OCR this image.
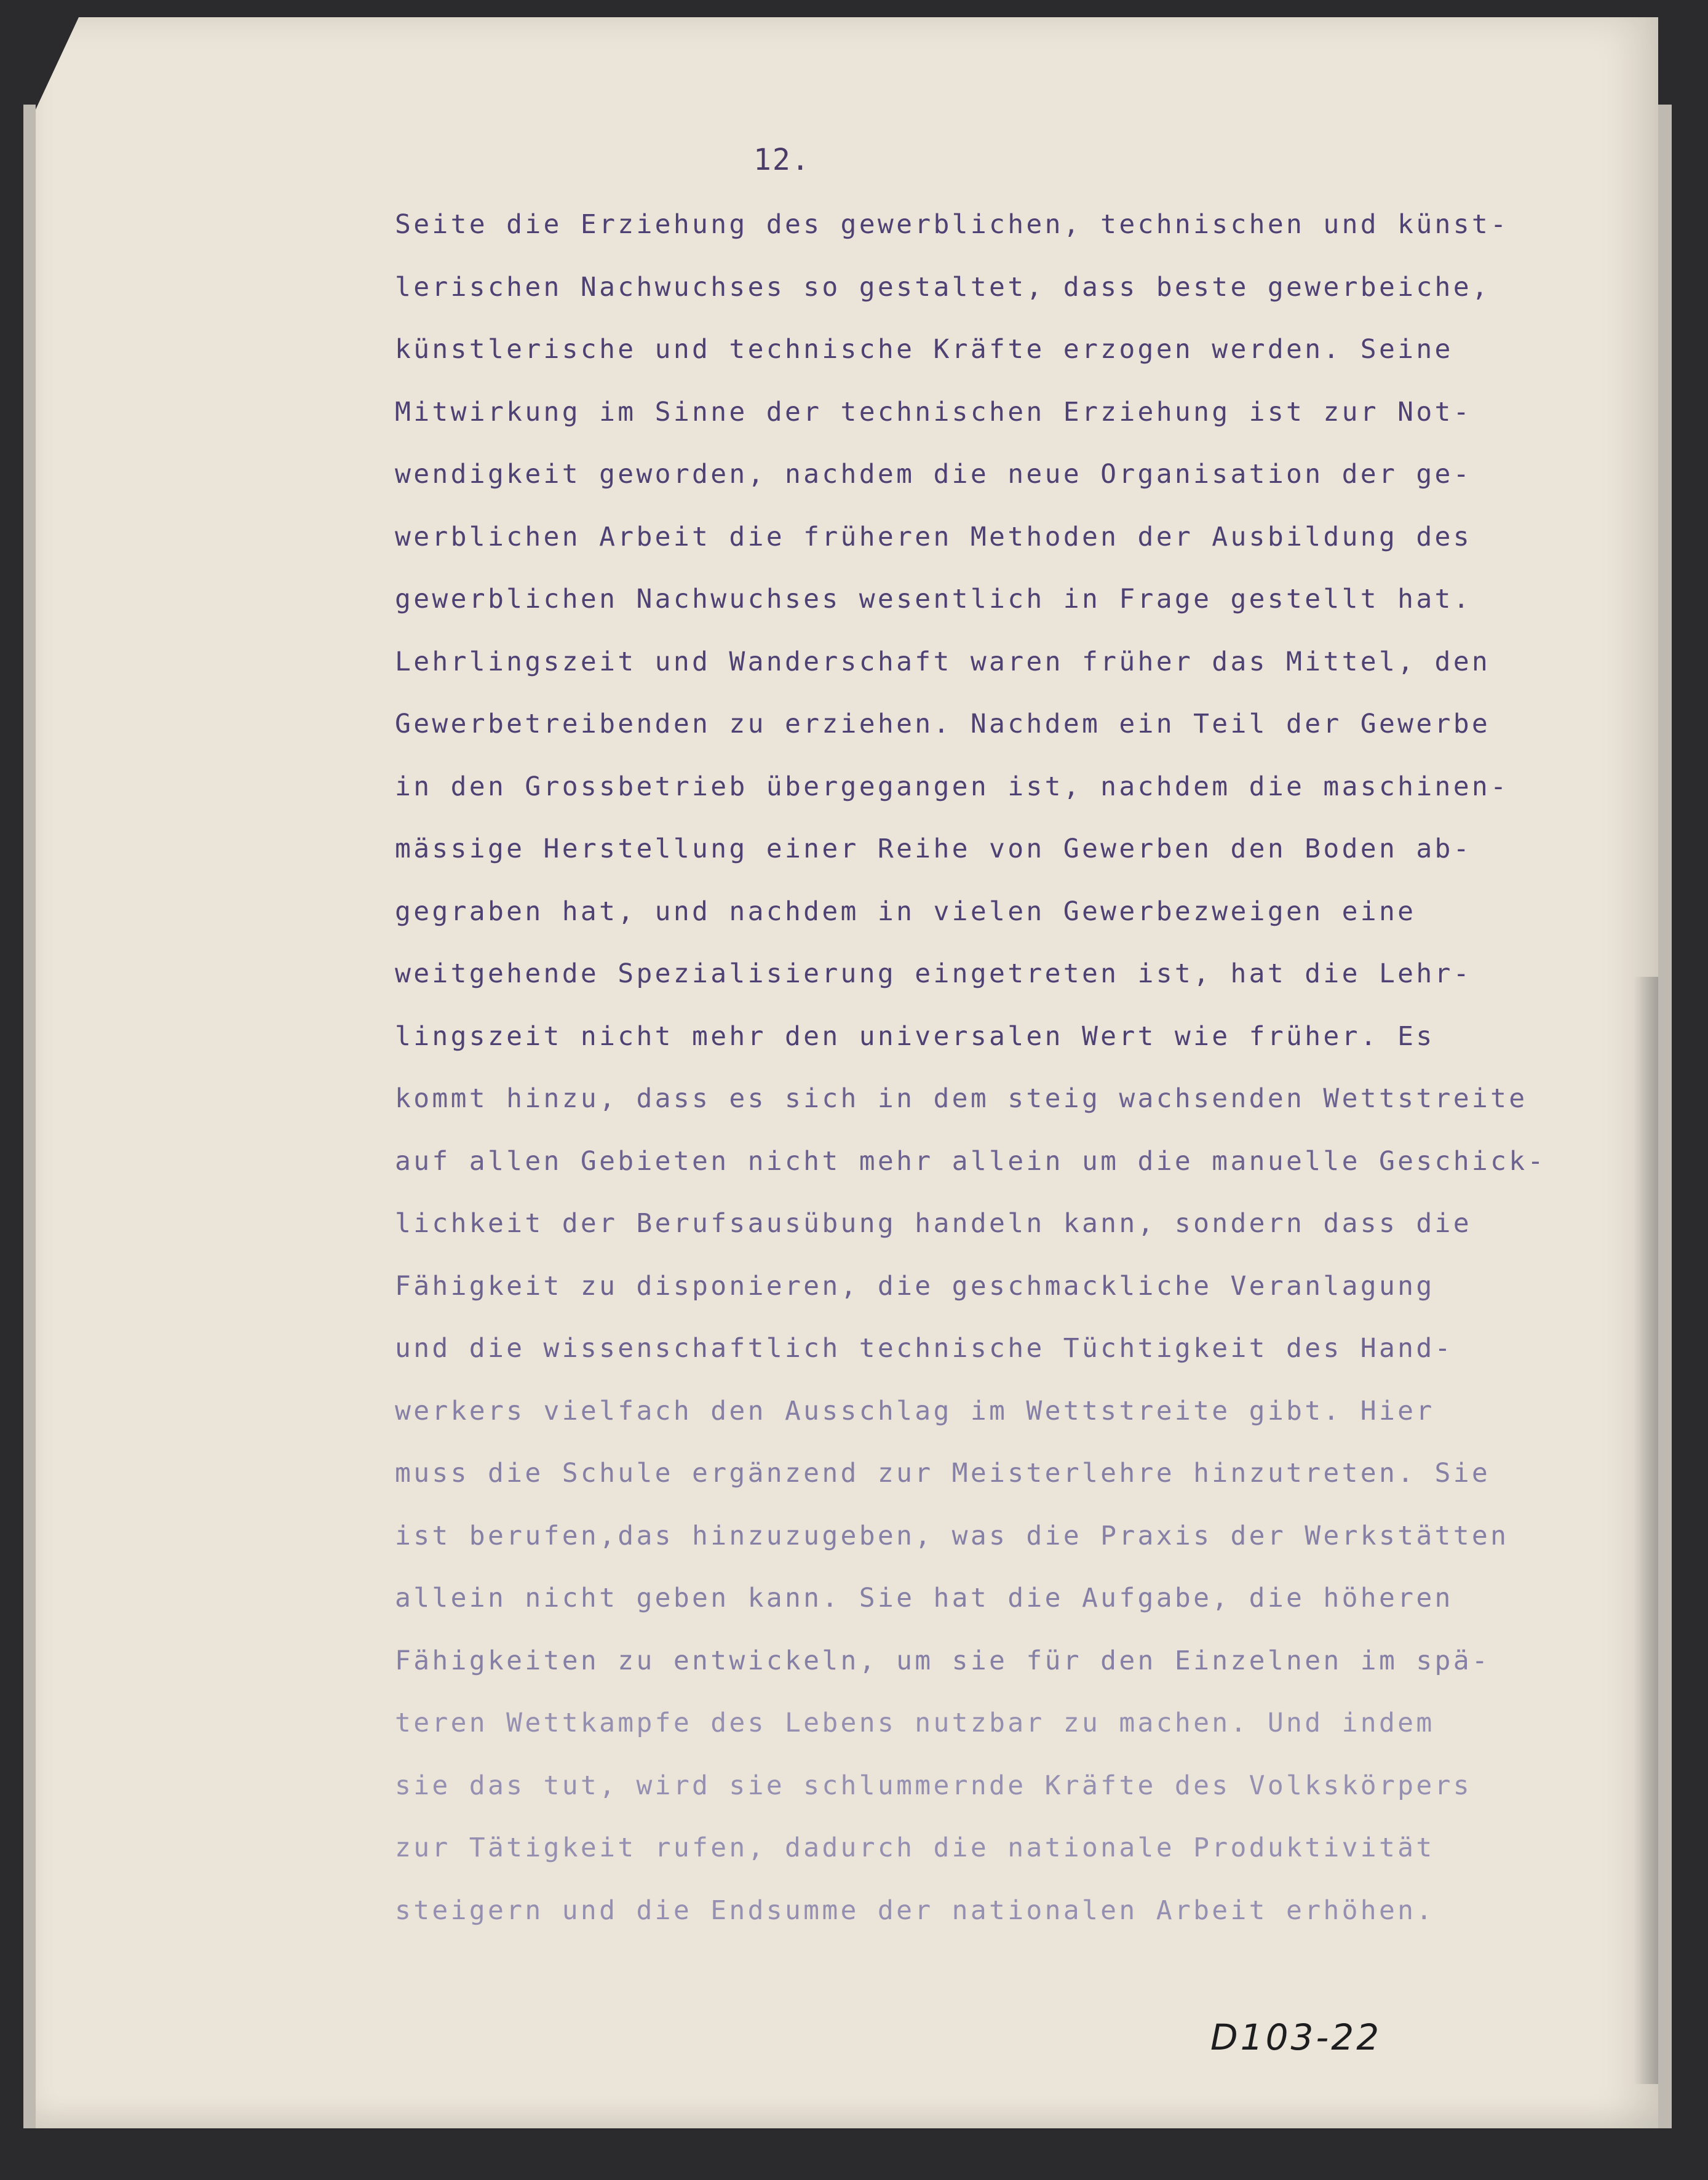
12.
Seite die Erziehung des gewerblichen, technischen und künst-
lerischen Nachwuchses so gestaltet, dass beste gewerbeiche,
künstlerische und technische Kräfte erzogen werden. Seine
Mitwirkung im Sinne der technischen Erziehung ist zur Not-
wendigkeit geworden, nachdem die neue Organisation der ge-
werblichen Arbeit die früheren Methoden der Ausbildung des
gewerblichen Nachwuchses wesentlich in Frage gestellt hat.
Lehrlingszeit und Wanderschaft waren früher das Mittel, den
Gewerbetreibenden zu erziehen. Nachdem ein Teil der Gewerbe
in den Grossbetrieb übergegangen ist, nachdem die maschinen-
mässige Herstellung einer Reihe von Gewerben den Boden ab-
gegraben hat, und nachdem in vielen Gewerbezweigen eine
weitgehende Spezialisierung eingetreten ist, hat die Lehr-
lingszeit nicht mehr den universalen Wert wie früher. Es
kommt hinzu, dass es sich in dem steig wachsenden Wettstreite
auf allen Gebieten nicht mehr allein um die manuelle Geschick-
lichkeit der Berufsausübung handeln kann, sondern dass die
Fähigkeit zu disponieren, die geschmackliche Veranlagung
und die wissenschaftlich technische Tüchtigkeit des Hand-
werkers vielfach den Ausschlag im Wettstreite gibt. Hier
muss die Schule ergänzend zur Meisterlehre hinzutreten. Sie
ist berufen,das hinzuzugeben, was die Praxis der Werkstätten
allein nicht geben kann. Sie hat die Aufgabe, die höheren
Fähigkeiten zu entwickeln, um sie für den Einzelnen im spä-
teren Wettkampfe des Lebens nutzbar zu machen. Und indem
sie das tut, wird sie schlummernde Kräfte des Volkskörpers
zur Tätigkeit rufen, dadurch die nationale Produktivität
steigern und die Endsumme der nationalen Arbeit erhöhen.
D103-22
